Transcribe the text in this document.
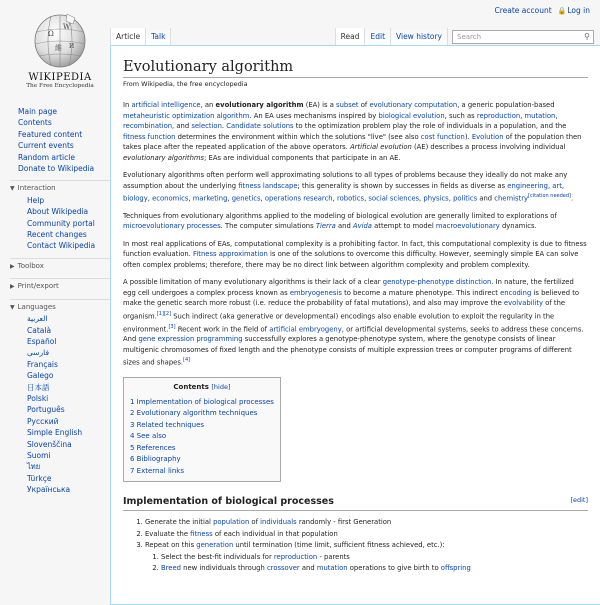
Create account 🔒 Log in
Ω
W
維 И
WIKIPEDIA
The Free Encyclopedia
Main page
Contents
Featured content
Current events
Random article
Donate to Wikipedia
▼ Interaction
Help
About Wikipedia
Community portal
Recent changes
Contact Wikipedia
▶ Toolbox
▶ Print/export
▼ Languages
العربية
Català
Español
فارسی
Français
Galego
日本語
Polski
Português
Русский
Simple English
Slovenščina
Suomi
ไทย
Türkçe
Українська
Article	Talk	Read	Edit	View history	Search	⚲
Evolutionary algorithm
From Wikipedia, the free encyclopedia

In artificial intelligence, an evolutionary algorithm (EA) is a subset of evolutionary computation, a generic population-based metaheuristic optimization algorithm. An EA uses mechanisms inspired by biological evolution, such as reproduction, mutation, recombination, and selection. Candidate solutions to the optimization problem play the role of individuals in a population, and the fitness function determines the environment within which the solutions "live" (see also cost function). Evolution of the population then takes place after the repeated application of the above operators. Artificial evolution (AE) describes a process involving individual evolutionary algorithms; EAs are individual components that participate in an AE.

Evolutionary algorithms often perform well approximating solutions to all types of problems because they ideally do not make any assumption about the underlying fitness landscape; this generality is shown by successes in fields as diverse as engineering, art, biology, economics, marketing, genetics, operations research, robotics, social sciences, physics, politics and chemistry[citation needed].

Techniques from evolutionary algorithms applied to the modeling of biological evolution are generally limited to explorations of microevolutionary processes. The computer simulations Tierra and Avida attempt to model macroevolutionary dynamics.

In most real applications of EAs, computational complexity is a prohibiting factor. In fact, this computational complexity is due to fitness function evaluation. Fitness approximation is one of the solutions to overcome this difficulty. However, seemingly simple EA can solve often complex problems; therefore, there may be no direct link between algorithm complexity and problem complexity.

A possible limitation of many evolutionary algorithms is their lack of a clear genotype-phenotype distinction. In nature, the fertilized egg cell undergoes a complex process known as embryogenesis to become a mature phenotype. This indirect encoding is believed to make the genetic search more robust (i.e. reduce the probability of fatal mutations), and also may improve the evolvability of the organism.[1][2] Such indirect (aka generative or developmental) encodings also enable evolution to exploit the regularity in the environment.[3] Recent work in the field of artificial embryogeny, or artificial developmental systems, seeks to address these concerns. And gene expression programming successfully explores a genotype-phenotype system, where the genotype consists of linear multigenic chromosomes of fixed length and the phenotype consists of multiple expression trees or computer programs of different sizes and shapes.[4]

Contents [hide]
1 Implementation of biological processes
2 Evolutionary algorithm techniques
3 Related techniques
4 See also
5 References
6 Bibliography
7 External links
Implementation of biological processes	[edit]
1. Generate the initial population of individuals randomly - first Generation
2. Evaluate the fitness of each individual in that population
3. Repeat on this generation until termination (time limit, sufficient fitness achieved, etc.):
1. Select the best-fit individuals for reproduction - parents
2. Breed new individuals through crossover and mutation operations to give birth to offspring
